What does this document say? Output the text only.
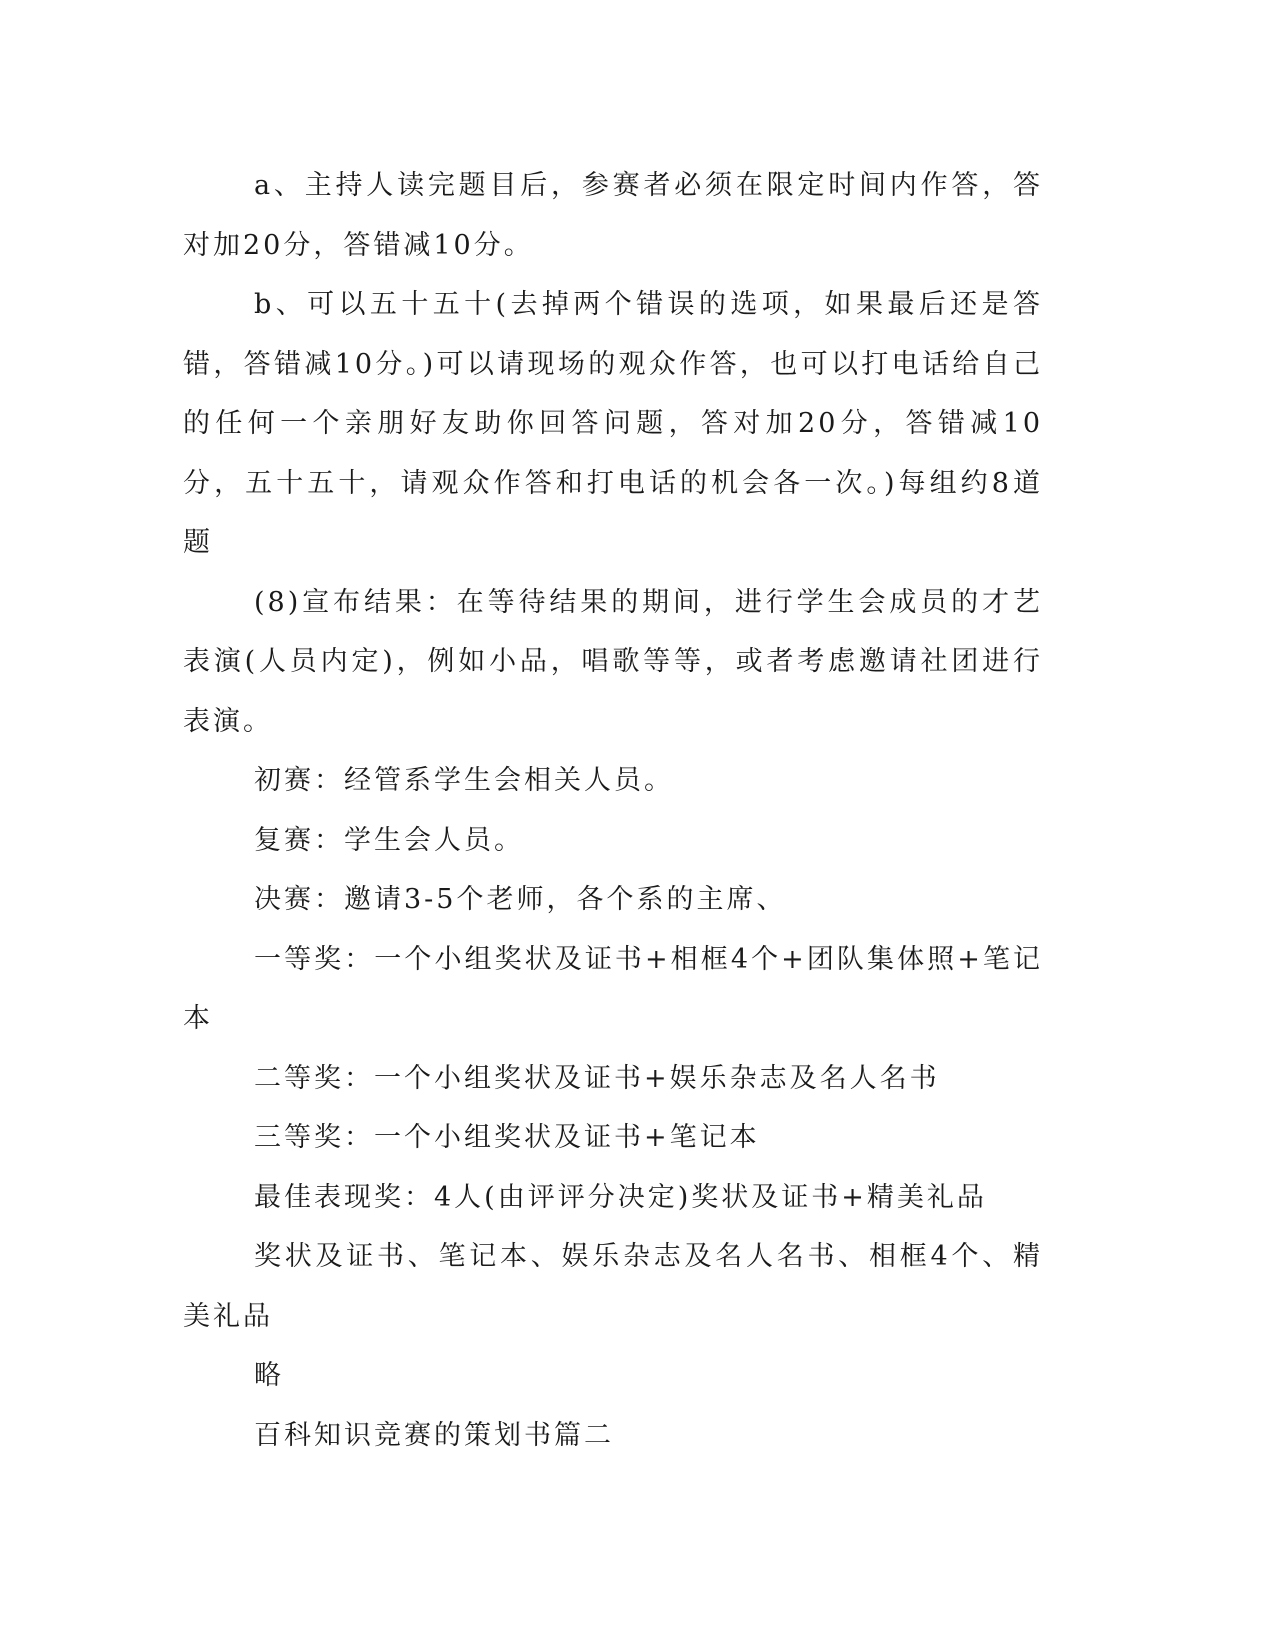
a、主持人读完题目后，参赛者必须在限定时间内作答，答对加20分，答错减10分。

b、可以五十五十(去掉两个错误的选项，如果最后还是答错，答错减10分。)可以请现场的观众作答，也可以打电话给自己的任何一个亲朋好友助你回答问题，答对加20分，答错减10分，五十五十，请观众作答和打电话的机会各一次。)每组约8道题

(8)宣布结果：在等待结果的期间，进行学生会成员的才艺表演(人员内定)，例如小品，唱歌等等，或者考虑邀请社团进行表演。

初赛：经管系学生会相关人员。

复赛：学生会人员。

决赛：邀请3-5个老师，各个系的主席、

一等奖：一个小组奖状及证书+相框4个+团队集体照+笔记本

二等奖：一个小组奖状及证书+娱乐杂志及名人名书

三等奖：一个小组奖状及证书+笔记本

最佳表现奖：4人(由评评分决定)奖状及证书+精美礼品

奖状及证书、笔记本、娱乐杂志及名人名书、相框4个、精美礼品

略

百科知识竞赛的策划书篇二
